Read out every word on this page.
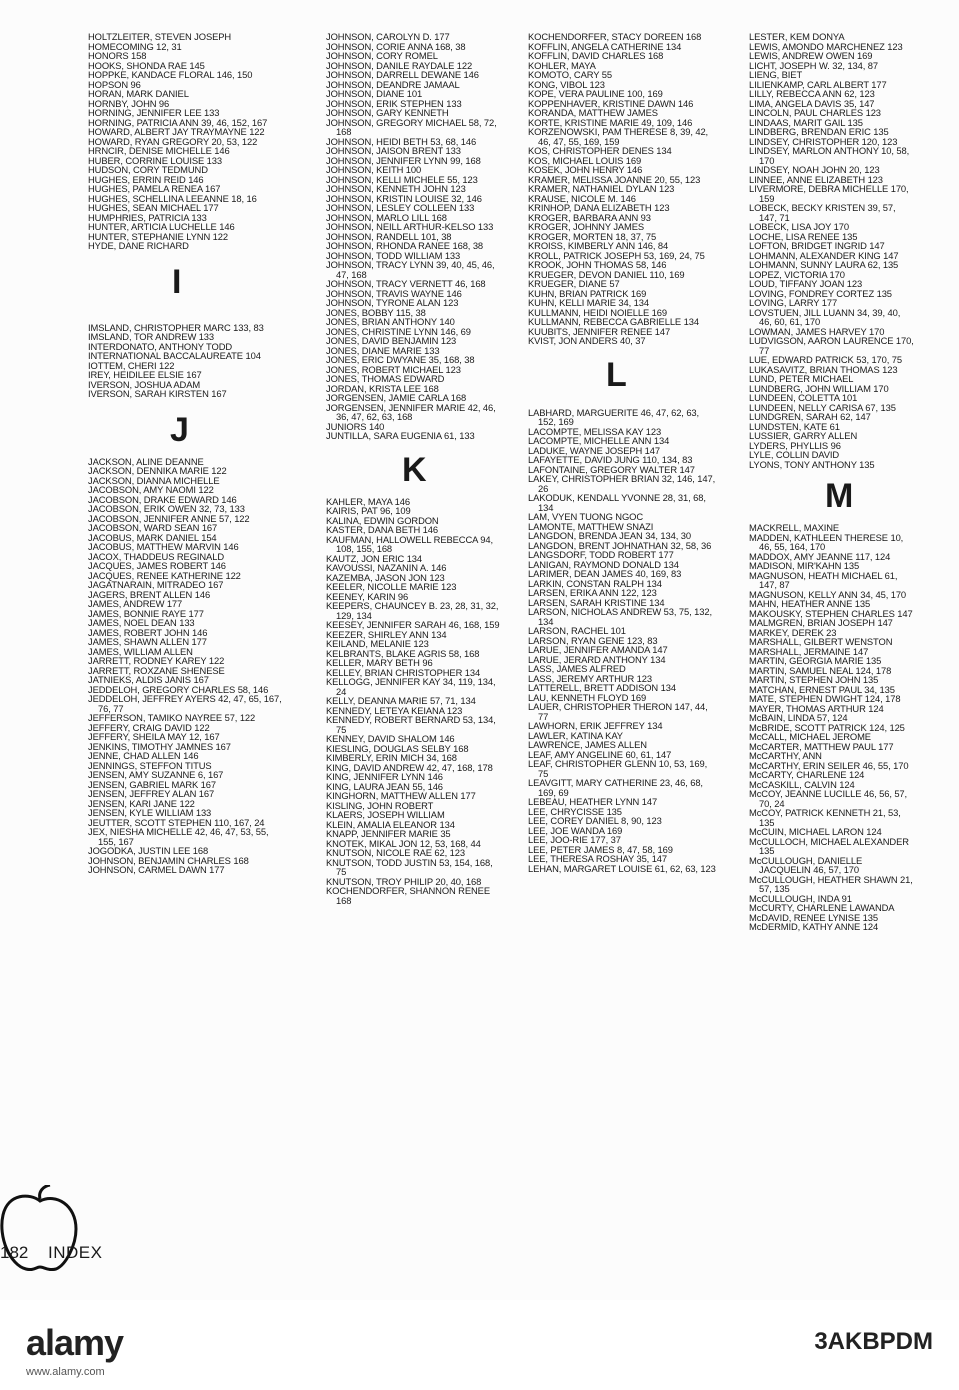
HOLTZLEITER, STEVEN JOSEPH
HOMECOMING 12, 31
HONORS 158
HOOKS, SHONDA RAE 145
HOPPKE, KANDACE FLORAL 146, 150
HOPSON 96
HORAN, MARK DANIEL
HORNBY, JOHN 96
HORNING, JENNIFER LEE 133
HORNING, PATRICIA ANN 39, 46, 152, 167
HOWARD, ALBERT JAY TRAYMAYNE 122
HOWARD, RYAN GREGORY 20, 53, 122
HRNCIR, DENISE MICHELLE 146
HUBER, CORRINE LOUISE 133
HUDSON, CORY TEDMUND
HUGHES, ERRIN REID 146
HUGHES, PAMELA RENEA 167
HUGHES, SCHELLINA LEEANNE 18, 16
HUGHES, SEAN MICHAEL 177
HUMPHRIES, PATRICIA 133
HUNTER, ARTICIA LUCHELLE 146
HUNTER, STEPHANIE LYNN 122
HYDE, DANE RICHARD
I
IMSLAND, CHRISTOPHER MARC 133, 83
IMSLAND, TOR ANDREW 133
INTERDONATO, ANTHONY TODD
INTERNATIONAL BACCALAUREATE 104
IOTTEM, CHERI 122
IREY, HEIDILEE ELSIE 167
IVERSON, JOSHUA ADAM
IVERSON, SARAH KIRSTEN 167
J
JACKSON, ALINE DEANNE
JACKSON, DENNIKA MARIE 122
JACKSON, DIANNA MICHELLE
JACOBSON, AMY NAOMI 122
JACOBSON, DRAKE EDWARD 146
JACOBSON, ERIK OWEN 32, 73, 133
JACOBSON, JENNIFER ANNE 57, 122
JACOBSON, WARD SEAN 167
JACOBUS, MARK DANIEL 154
JACOBUS, MATTHEW MARVIN 146
JACOX, THADDEUS REGINALD
JACQUES, JAMES ROBERT 146
JACQUES, RENEE KATHERINE 122
JAGATNARAIN, MITRADEO 167
JAGERS, BRENT ALLEN 146
JAMES, ANDREW 177
JAMES, BONNIE RAYE 177
JAMES, NOEL DEAN 133
JAMES, ROBERT JOHN 146
JAMES, SHAWN ALLEN 177
JAMES, WILLIAM ALLEN
JARRETT, RODNEY KAREY 122
JARRETT, ROXZANE SHENESE
JATNIEKS, ALDIS JANIS 167
JEDDELOH, GREGORY CHARLES 58, 146
JEDDELOH, JEFFREY AYERS 42, 47, 65, 167, 76, 77
JEFFERSON, TAMIKO NAYREE 57, 122
JEFFERY, CRAIG DAVID 122
JEFFERY, SHEILA MAY 12, 167
JENKINS, TIMOTHY JAMNES 167
JENNE, CHAD ALLEN 146
JENNINGS, STEFFON TITUS
JENSEN, AMY SUZANNE 6, 167
JENSEN, GABRIEL MARK 167
JENSEN, JEFFREY ALAN 167
JENSEN, KARI JANE 122
JENSEN, KYLE WILLIAM 133
JEUTTER, SCOTT STEPHEN 110, 167, 24
JEX, NIESHA MICHELLE 42, 46, 47, 53, 55, 155, 167
JOGODKA, JUSTIN LEE 168
JOHNSON, BENJAMIN CHARLES 168
JOHNSON, CARMEL DAWN 177
JOHNSON, CAROLYN D. 177
JOHNSON, CORIE ANNA 168, 38
JOHNSON, CORY ROMEL
JOHNSON, DANILE RAYDALE 122
JOHNSON, DARRELL DEWANE 146
JOHNSON, DEANDRE JAMAAL
JOHNSON, DIANE 101
JOHNSON, ERIK STEPHEN 133
JOHNSON, GARY KENNETH
JOHNSON, GREGORY MICHAEL 58, 72, 168
JOHNSON, HEIDI BETH 53, 68, 146
JOHNSON, JAISON BRENT 133
JOHNSON, JENNIFER LYNN 99, 168
JOHNSON, KEITH 100
JOHNSON, KELLI MICHELE 55, 123
JOHNSON, KENNETH JOHN 123
JOHNSON, KRISTIN LOUISE 32, 146
JOHNSON, LESLEY COLLEEN 133
JOHNSON, MARLO LILL 168
JOHNSON, NEILL ARTHUR-KELSO 133
JOHNSON, RANDELL 101, 38
JOHNSON, RHONDA RANEE 168, 38
JOHNSON, TODD WILLIAM 133
JOHNSON, TRACY LYNN 39, 40, 45, 46, 47, 168
JOHNSON, TRACY VERNETT 46, 168
JOHNSON, TRAVIS WAYNE 146
JOHNSON, TYRONE ALAN 123
JONES, BOBBY 115, 38
JONES, BRIAN ANTHONY 140
JONES, CHRISTINE LYNN 146, 69
JONES, DAVID BENJAMIN 123
JONES, DIANE MARIE 133
JONES, ERIC DWYANE 35, 168, 38
JONES, ROBERT MICHAEL 123
JONES, THOMAS EDWARD
JORDAN, KRISTA LEE 168
JORGENSEN, JAMIE CARLA 168
JORGENSEN, JENNIFER MARIE 42, 46, 36, 47, 62, 63, 168
JUNIORS 140
JUNTILLA, SARA EUGENIA 61, 133
K
KAHLER, MAYA 146
KAIRIS, PAT 96, 109
KALINA, EDWIN GORDON
KASTER, DANA BETH 146
KAUFMAN, HALLOWELL REBECCA 94, 108, 155, 168
KAUTZ, JON ERIC 134
KAVOUSSI, NAZANIN A. 146
KAZEMBA, JASON JON 123
KEELER, NICOLLE MARIE 123
KEENEY, KARIN 96
KEEPERS, CHAUNCEY B. 23, 28, 31, 32, 129, 134
KEESEY, JENNIFER SARAH 46, 168, 159
KEEZER, SHIRLEY ANN 134
KEILAND, MELANIE 123
KELBRANTS, BLAKE AGRIS 58, 168
KELLER, MARY BETH 96
KELLEY, BRIAN CHRISTOPHER 134
KELLOGG, JENNIFER KAY 34, 119, 134, 24
KELLY, DEANNA MARIE 57, 71, 134
KENNEDY, LETEYA KEIANA 123
KENNEDY, ROBERT BERNARD 53, 134, 75
KENNEY, DAVID SHALOM 146
KIESLING, DOUGLAS SELBY 168
KIMBERLY, ERIN MICH 34, 168
KING, DAVID ANDREW 42, 47, 168, 178
KING, JENNIFER LYNN 146
KING, LAURA JEAN 55, 146
KINGHORN, MATTHEW ALLEN 177
KISLING, JOHN ROBERT
KLAERS, JOSEPH WILLIAM
KLEIN, AMALIA ELEANOR 134
KNAPP, JENNIFER MARIE 35
KNOTEK, MIKAL JON 12, 53, 168, 44
KNUTSON, NICOLE RAE 62, 123
KNUTSON, TODD JUSTIN 53, 154, 168, 75
KNUTSON, TROY PHILIP 20, 40, 168
KOCHENDORFER, SHANNON RENEE 168
KOCHENDORFER, STACY DOREEN 168
KOFFLIN, ANGELA CATHERINE 134
KOFFLIN, DAVID CHARLES 168
KOHLER, MAYA
KOMOTO, CARY 55
KONG, VIBOL 123
KOPE, VERA PAULINE 100, 169
KOPPENHAVER, KRISTINE DAWN 146
KORANDA, MATTHEW JAMES
KORTE, KRISTINE MARIE 49, 109, 146
KORZENOWSKI, PAM THERESE 8, 39, 42, 46, 47, 55, 169, 159
KOS, CHRISTOPHER DENES 134
KOS, MICHAEL LOUIS 169
KOSEK, JOHN HENRY 146
KRAMER, MELISSA JOANNE 20, 55, 123
KRAMER, NATHANIEL DYLAN 123
KRAUSE, NICOLE M. 146
KRINHOP, DANA ELIZABETH 123
KROGER, BARBARA ANN 93
KROGER, JOHNNY JAMES
KROGER, MORTEN 18, 37, 75
KROISS, KIMBERLY ANN 146, 84
KROLL, PATRICK JOSEPH 53, 169, 24, 75
KROOK, JOHN THOMAS 58, 146
KRUEGER, DEVON DANIEL 110, 169
KRUEGER, DIANE 57
KUHN, BRIAN PATRICK 169
KUHN, KELLI MARIE 34, 134
KULLMANN, HEIDI NOIELLE 169
KULLMANN, REBECCA GABRIELLE 134
KUUBITS, JENNIFER RENEE 147
KVIST, JON ANDERS 40, 37
L
LABHARD, MARGUERITE 46, 47, 62, 63, 152, 169
LACOMPTE, MELISSA KAY 123
LACOMPTE, MICHELLE ANN 134
LADUKE, WAYNE JOSEPH 147
LAFAYETTE, DAVID JUNG 110, 134, 83
LAFONTAINE, GREGORY WALTER 147
LAKEY, CHRISTOPHER BRIAN 32, 146, 147, 26
LAKODUK, KENDALL YVONNE 28, 31, 68, 134
LAM, VYEN TUONG NGOC
LAMONTE, MATTHEW SNAZI
LANGDON, BRENDA JEAN 34, 134, 30
LANGDON, BRENT JOHNATHAN 32, 58, 36
LANGSDORF, TODD ROBERT 177
LANIGAN, RAYMOND DONALD 134
LARIMER, DEAN JAMES 40, 169, 83
LARKIN, CONSTAN RALPH 134
LARSEN, ERIKA ANN 122, 123
LARSEN, SARAH KRISTINE 134
LARSON, NICHOLAS ANDREW 53, 75, 132, 134
LARSON, RACHEL 101
LARSON, RYAN GENE 123, 83
LARUE, JENNIFER AMANDA 147
LARUE, JERARD ANTHONY 134
LASS, JAMES ALFRED
LASS, JEREMY ARTHUR 123
LATTERELL, BRETT ADDISON 134
LAU, KENNETH FLOYD 169
LAUER, CHRISTOPHER THERON 147, 44, 77
LAWHORN, ERIK JEFFREY 134
LAWLER, KATINA KAY
LAWRENCE, JAMES ALLEN
LEAF, AMY ANGELINE 60, 61, 147
LEAF, CHRISTOPHER GLENN 10, 53, 169, 75
LEAVGITT, MARY CATHERINE 23, 46, 68, 169, 69
LEBEAU, HEATHER LYNN 147
LEE, CHRYCISSE 135
LEE, COREY DANIEL 8, 90, 123
LEE, JOE WANDA 169
LEE, JOO-RIE 177, 37
LEE, PETER JAMES 8, 47, 58, 169
LEE, THERESA ROSHAY 35, 147
LEHAN, MARGARET LOUISE 61, 62, 63, 123
LESTER, KEM DONYA
LEWIS, AMONDO MARCHENEZ 123
LEWIS, ANDREW OWEN 169
LICHT, JOSEPH W. 32, 134, 87
LIENG, BIET
LILIENKAMP, CARL ALBERT 177
LILLY, REBECCA ANN 62, 123
LIMA, ANGELA DAVIS 35, 147
LINCOLN, PAUL CHARLES 123
LINDAAS, MARIT GAIL 135
LINDBERG, BRENDAN ERIC 135
LINDSEY, CHRISTOPHER 120, 123
LINDSEY, MARLON ANTHONY 10, 58, 170
LINDSEY, NOAH JOHN 20, 123
LINNEE, ANNE ELIZABETH 123
LIVERMORE, DEBRA MICHELLE 170, 159
LOBECK, BECKY KRISTEN 39, 57, 147, 71
LOBECK, LISA JOY 170
LOCHE, LISA RENEE 135
LOFTON, BRIDGET INGRID 147
LOHMANN, ALEXANDER KING 147
LOHMANN, SUNNY LAURA 62, 135
LOPEZ, VICTORIA 170
LOUD, TIFFANY JOAN 123
LOVING, FONDREY CORTEZ 135
LOVING, LARRY 177
LOVSTUEN, JILL LUANN 34, 39, 40, 46, 60, 61, 170
LOWMAN, JAMES HARVEY 170
LUDVIGSON, AARON LAURENCE 170, 77
LUE, EDWARD PATRICK 53, 170, 75
LUKASAVITZ, BRIAN THOMAS 123
LUND, PETER MICHAEL
LUNDBERG, JOHN WILLIAM 170
LUNDEEN, COLETTA 101
LUNDEEN, NELLY CARISA 67, 135
LUNDGREN, SARAH 62, 147
LUNDSTEN, KATE 61
LUSSIER, GARRY ALLEN
LYDERS, PHYLLIS 96
LYLE, COLLIN DAVID
LYONS, TONY ANTHONY 135
M
MACKRELL, MAXINE
MADDEN, KATHLEEN THERESE 10, 46, 55, 164, 170
MADDOX, AMY JEANNE 117, 124
MADISON, MIR'KAHN 135
MAGNUSON, HEATH MICHAEL 61, 147, 87
MAGNUSON, KELLY ANN 34, 45, 170
MAHN, HEATHER ANNE 135
MAKOUSKY, STEPHEN CHARLES 147
MALMGREN, BRIAN JOSEPH 147
MARKEY, DEREK 23
MARSHALL, GILBERT WENSTON
MARSHALL, JERMAINE 147
MARTIN, GEORGIA MARIE 135
MARTIN, SAMUEL NEAL 124, 178
MARTIN, STEPHEN JOHN 135
MATCHAN, ERNEST PAUL 34, 135
MATE, STEPHEN DWIGHT 124, 178
MAYER, THOMAS ARTHUR 124
McBAIN, LINDA 57, 124
McBRIDE, SCOTT PATRICK 124, 125
McCALL, MICHAEL JEROME
McCARTER, MATTHEW PAUL 177
McCARTHY, ANN
McCARTHY, ERIN SEILER 46, 55, 170
McCARTY, CHARLENE 124
McCASKILL, CALVIN 124
McCOY, JEANNE LUCILLE 46, 56, 57, 70, 24
McCOY, PATRICK KENNETH 21, 53, 135
McCUIN, MICHAEL LARON 124
McCULLOCH, MICHAEL ALEXANDER 135
McCULLOUGH, DANIELLE JACQUELIN 46, 57, 170
McCULLOUGH, HEATHER SHAWN 21, 57, 135
McCULLOUGH, INDA 91
McCURTY, CHARLENE LAWANDA
McDAVID, RENEE LYNISE 135
McDERMID, KATHY ANNE 124
182 INDEX
alamy	3AKBPDM
www.alamy.com
